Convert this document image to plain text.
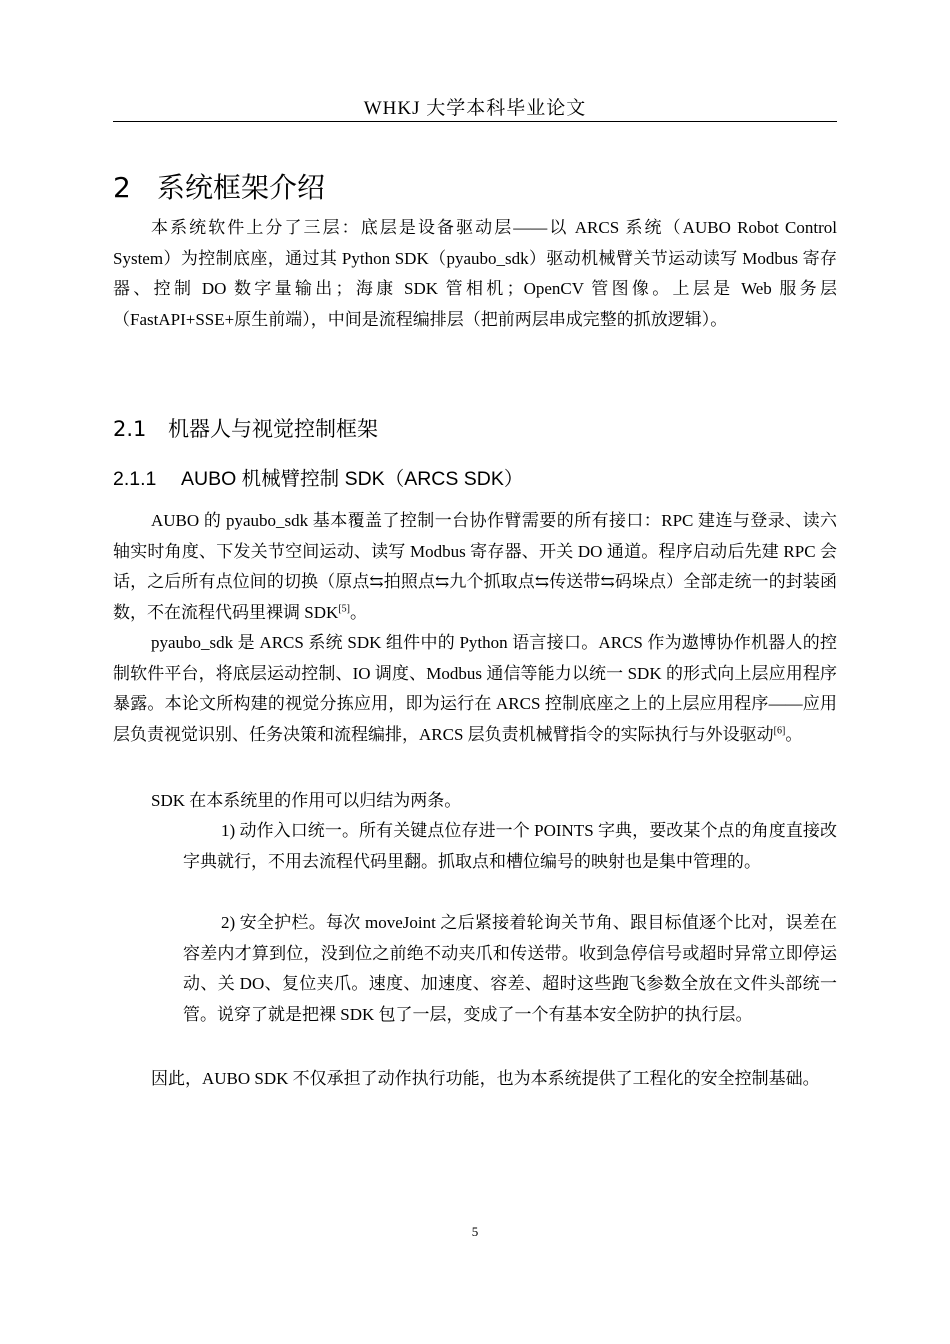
WHKJ 大学本科毕业论文
2 系统框架介绍
本系统软件上分了三层：底层是设备驱动层——以 ARCS 系统（AUBO Robot Control System）为控制底座，通过其 Python SDK（pyaubo_sdk）驱动机械臂关节运动读写 Modbus 寄存器、控制 DO 数字量输出；海康 SDK 管相机；OpenCV 管图像。上层是 Web 服务层（FastAPI+SSE+原生前端），中间是流程编排层（把前两层串成完整的抓放逻辑）。
2.1 机器人与视觉控制框架
2.1.1 AUBO 机械臂控制 SDK（ARCS SDK）
AUBO 的 pyaubo_sdk 基本覆盖了控制一台协作臂需要的所有接口：RPC 建连与登录、读六轴实时角度、下发关节空间运动、读写 Modbus 寄存器、开关 DO 通道。程序启动后先建 RPC 会话，之后所有点位间的切换（原点⇆拍照点⇆九个抓取点⇆传送带⇆码垛点）全部走统一的封装函数，不在流程代码里裸调 SDK[5]。
pyaubo_sdk 是 ARCS 系统 SDK 组件中的 Python 语言接口。ARCS 作为遨博协作机器人的控制软件平台，将底层运动控制、IO 调度、Modbus 通信等能力以统一 SDK 的形式向上层应用程序暴露。本论文所构建的视觉分拣应用，即为运行在 ARCS 控制底座之上的上层应用程序——应用层负责视觉识别、任务决策和流程编排，ARCS 层负责机械臂指令的实际执行与外设驱动[6]。
SDK 在本系统里的作用可以归结为两条。
1) 动作入口统一。所有关键点位存进一个 POINTS 字典，要改某个点的角度直接改字典就行，不用去流程代码里翻。抓取点和槽位编号的映射也是集中管理的。
2) 安全护栏。每次 moveJoint 之后紧接着轮询关节角、跟目标值逐个比对，误差在容差内才算到位，没到位之前绝不动夹爪和传送带。收到急停信号或超时异常立即停运动、关 DO、复位夹爪。速度、加速度、容差、超时这些跑飞参数全放在文件头部统一管。说穿了就是把裸 SDK 包了一层，变成了一个有基本安全防护的执行层。
因此，AUBO SDK 不仅承担了动作执行功能，也为本系统提供了工程化的安全控制基础。
5
